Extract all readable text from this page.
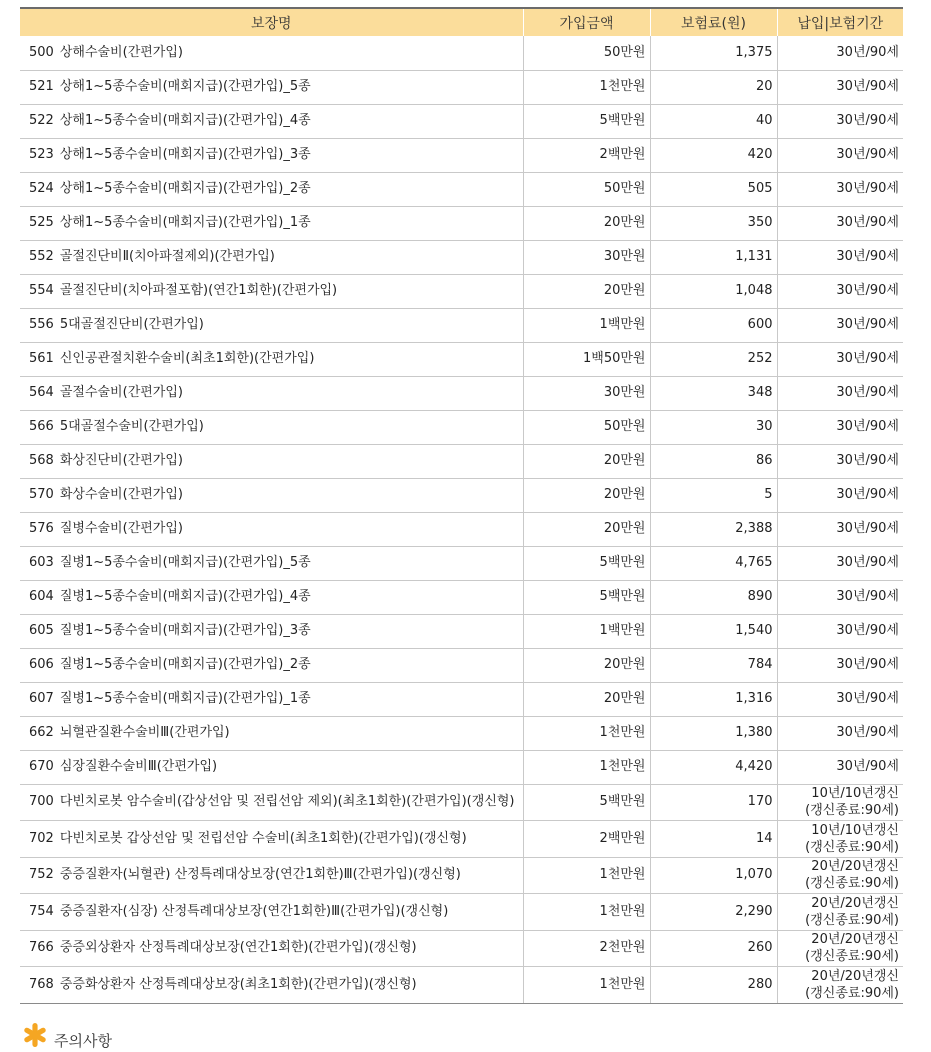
보장명	가입금액	보험료(원)	납입|보험기간
500 상해수술비(간편가입)	50만원	1,375	30년/90세
521 상해1~5종수술비(매회지급)(간편가입)_5종	1천만원	20	30년/90세
522 상해1~5종수술비(매회지급)(간편가입)_4종	5백만원	40	30년/90세
523 상해1~5종수술비(매회지급)(간편가입)_3종	2백만원	420	30년/90세
524 상해1~5종수술비(매회지급)(간편가입)_2종	50만원	505	30년/90세
525 상해1~5종수술비(매회지급)(간편가입)_1종	20만원	350	30년/90세
552 골절진단비Ⅱ(치아파절제외)(간편가입)	30만원	1,131	30년/90세
554 골절진단비(치아파절포함)(연간1회한)(간편가입)	20만원	1,048	30년/90세
556 5대골절진단비(간편가입)	1백만원	600	30년/90세
561 신인공관절치환수술비(최초1회한)(간편가입)	1백50만원	252	30년/90세
564 골절수술비(간편가입)	30만원	348	30년/90세
566 5대골절수술비(간편가입)	50만원	30	30년/90세
568 화상진단비(간편가입)	20만원	86	30년/90세
570 화상수술비(간편가입)	20만원	5	30년/90세
576 질병수술비(간편가입)	20만원	2,388	30년/90세
603 질병1~5종수술비(매회지급)(간편가입)_5종	5백만원	4,765	30년/90세
604 질병1~5종수술비(매회지급)(간편가입)_4종	5백만원	890	30년/90세
605 질병1~5종수술비(매회지급)(간편가입)_3종	1백만원	1,540	30년/90세
606 질병1~5종수술비(매회지급)(간편가입)_2종	20만원	784	30년/90세
607 질병1~5종수술비(매회지급)(간편가입)_1종	20만원	1,316	30년/90세
662 뇌혈관질환수술비Ⅲ(간편가입)	1천만원	1,380	30년/90세
670 심장질환수술비Ⅲ(간편가입)	1천만원	4,420	30년/90세
700 다빈치로봇 암수술비(갑상선암 및 전립선암 제외)(최초1회한)(간편가입)(갱신형)	5백만원	170	10년/10년갱신
(갱신종료:90세)

702 다빈치로봇 갑상선암 및 전립선암 수술비(최초1회한)(간편가입)(갱신형)	2백만원	14	10년/10년갱신
(갱신종료:90세)

752 중증질환자(뇌혈관) 산정특례대상보장(연간1회한)Ⅲ(간편가입)(갱신형)	1천만원	1,070	20년/20년갱신
(갱신종료:90세)

754 중증질환자(심장) 산정특례대상보장(연간1회한)Ⅲ(간편가입)(갱신형)	1천만원	2,290	20년/20년갱신
(갱신종료:90세)

766 중증외상환자 산정특례대상보장(연간1회한)(간편가입)(갱신형)	2천만원	260	20년/20년갱신
(갱신종료:90세)

768 중증화상환자 산정특례대상보장(최초1회한)(간편가입)(갱신형)	1천만원	280	20년/20년갱신
(갱신종료:90세)
주의사항
